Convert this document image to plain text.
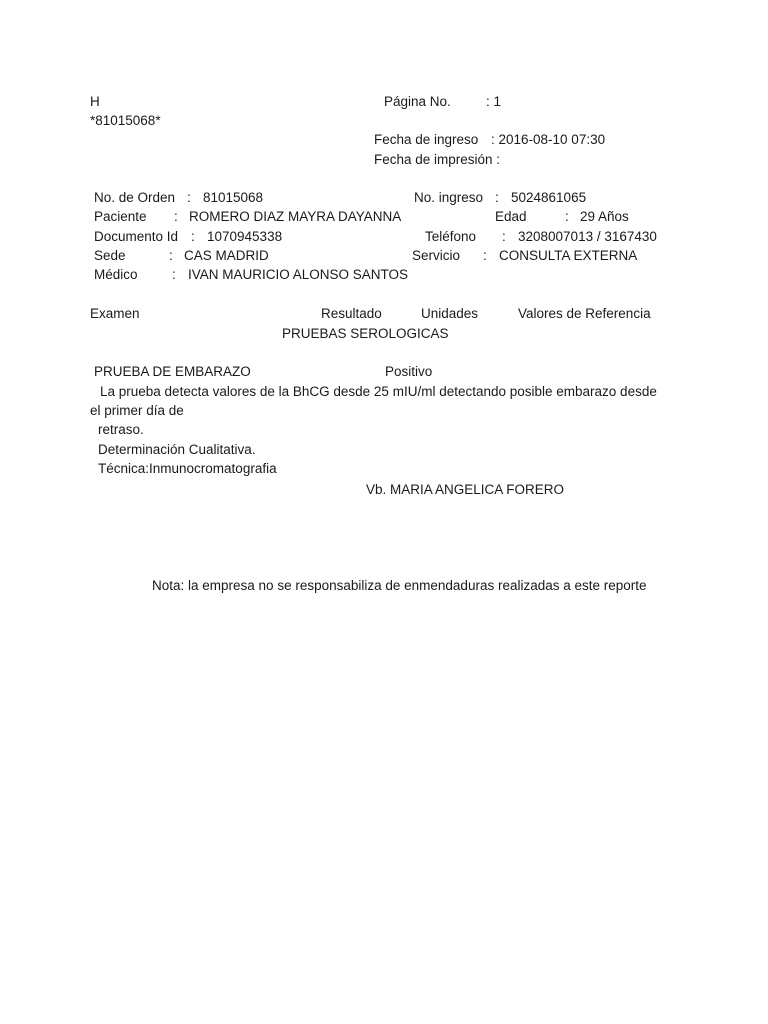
H	Página No.	: 1
*81015068*
Fecha de ingreso : 2016-08-10 07:30
Fecha de impresión :
No. de Orden : 81015068	No. ingreso : 5024861065
Paciente : ROMERO DIAZ MAYRA DAYANNA	Edad	: 29 Años
Documento Id : 1070945338	Teléfono : 3208007013 / 3167430
Sede	: CAS MADRID	Servicio : CONSULTA EXTERNA
Médico	: IVAN MAURICIO ALONSO SANTOS
Examen	Resultado	Unidades	Valores de Referencia
PRUEBAS SEROLOGICAS
PRUEBA DE EMBARAZO	Positivo
La prueba detecta valores de la BhCG desde 25 mIU/ml detectando posible embarazo desde
el primer día de
retraso.
Determinación Cualitativa.
Técnica:Inmunocromatografia
Vb. MARIA ANGELICA FORERO
Nota: la empresa no se responsabiliza de enmendaduras realizadas a este reporte
